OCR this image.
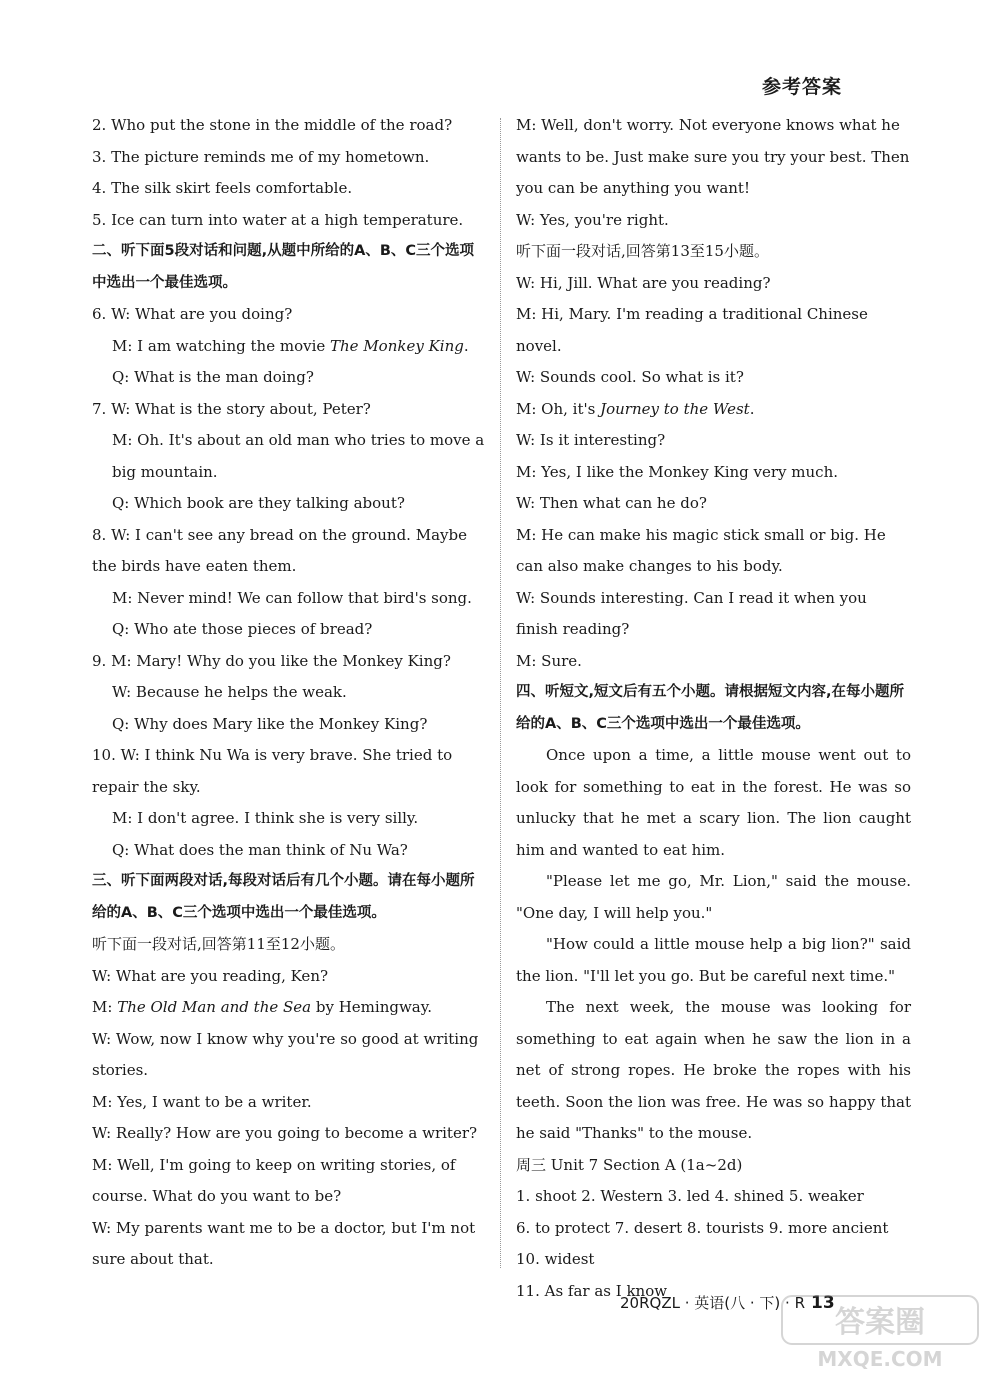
参考答案
2. Who put the stone in the middle of the road?
3. The picture reminds me of my hometown.
4. The silk skirt feels comfortable.
5. Ice can turn into water at a high temperature.
二、听下面5段对话和问题,从题中所给的A、B、C三个选项中选出一个最佳选项。
6. W: What are you doing?
M: I am watching the movie The Monkey King.
Q: What is the man doing?
7. W: What is the story about, Peter?
M: Oh. It's about an old man who tries to move a big mountain.
Q: Which book are they talking about?
8. W: I can't see any bread on the ground. Maybe the birds have eaten them.
M: Never mind! We can follow that bird's song.
Q: Who ate those pieces of bread?
9. M: Mary! Why do you like the Monkey King?
W: Because he helps the weak.
Q: Why does Mary like the Monkey King?
10. W: I think Nu Wa is very brave. She tried to repair the sky.
M: I don't agree. I think she is very silly.
Q: What does the man think of Nu Wa?
三、听下面两段对话,每段对话后有几个小题。请在每小题所给的A、B、C三个选项中选出一个最佳选项。
听下面一段对话,回答第11至12小题。
W: What are you reading, Ken?
M: The Old Man and the Sea by Hemingway.
W: Wow, now I know why you're so good at writing stories.
M: Yes, I want to be a writer.
W: Really? How are you going to become a writer?
M: Well, I'm going to keep on writing stories, of course. What do you want to be?
W: My parents want me to be a doctor, but I'm not sure about that.
M: Well, don't worry. Not everyone knows what he wants to be. Just make sure you try your best. Then you can be anything you want!
W: Yes, you're right.
听下面一段对话,回答第13至15小题。
W: Hi, Jill. What are you reading?
M: Hi, Mary. I'm reading a traditional Chinese novel.
W: Sounds cool. So what is it?
M: Oh, it's Journey to the West.
W: Is it interesting?
M: Yes, I like the Monkey King very much.
W: Then what can he do?
M: He can make his magic stick small or big. He can also make changes to his body.
W: Sounds interesting. Can I read it when you finish reading?
M: Sure.
四、听短文,短文后有五个小题。请根据短文内容,在每小题所给的A、B、C三个选项中选出一个最佳选项。
Once upon a time, a little mouse went out to look for something to eat in the forest. He was so unlucky that he met a scary lion. The lion caught him and wanted to eat him.
"Please let me go, Mr. Lion," said the mouse. "One day, I will help you."
"How could a little mouse help a big lion?" said the lion. "I'll let you go. But be careful next time."
The next week, the mouse was looking for something to eat again when he saw the lion in a net of strong ropes. He broke the ropes with his teeth. Soon the lion was free. He was so happy that he said "Thanks" to the mouse.
周三 Unit 7 Section A (1a~2d)
1. shoot 2. Western 3. led 4. shined 5. weaker
6. to protect 7. desert 8. tourists 9. more ancient
10. widest
11. As far as I know
20RQZL · 英语(八 · 下) · R 13
答案圈
MXQE.COM
